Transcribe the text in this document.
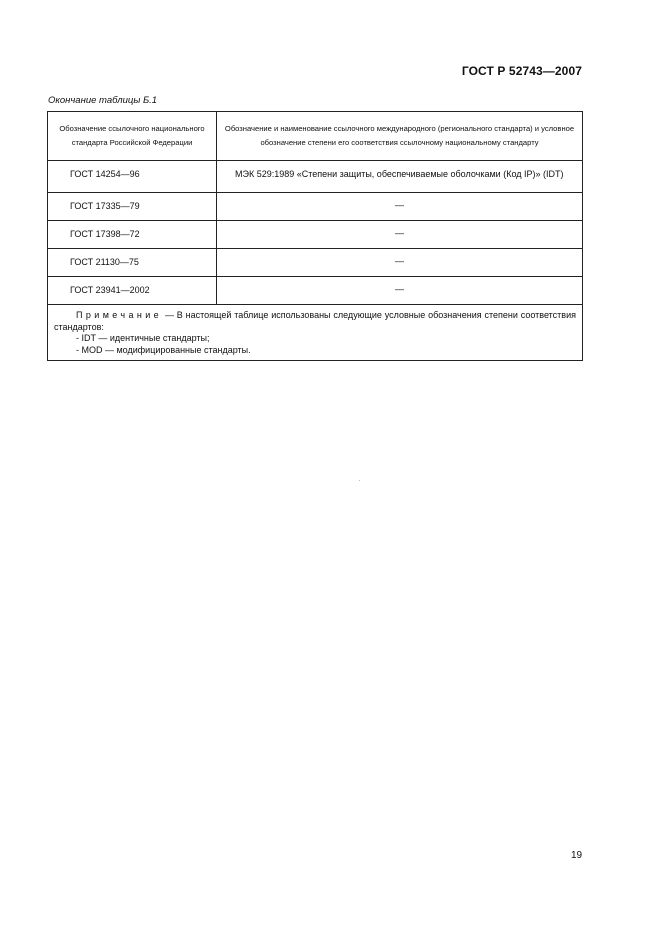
ГОСТ Р 52743—2007
Окончание таблицы Б.1
Обозначение ссылочного национального стандарта Российской Федерации	Обозначение и наименование ссылочного международного (регионального стандарта) и условное обозначение степени его соответствия ссылочному национальному стандарту
ГОСТ 14254—96	МЭК 529:1989 «Степени защиты, обеспечиваемые оболочками (Код IP)» (IDT)

ГОСТ 17335—79	—
ГОСТ 17398—72	—
ГОСТ 21130—75	—
ГОСТ 23941—2002	—

Примечание — В настоящей таблице использованы следующие условные обозначения степени соответствия стандартов:
- IDT — идентичные стандарты;
- MOD — модифицированные стандарты.	
19
